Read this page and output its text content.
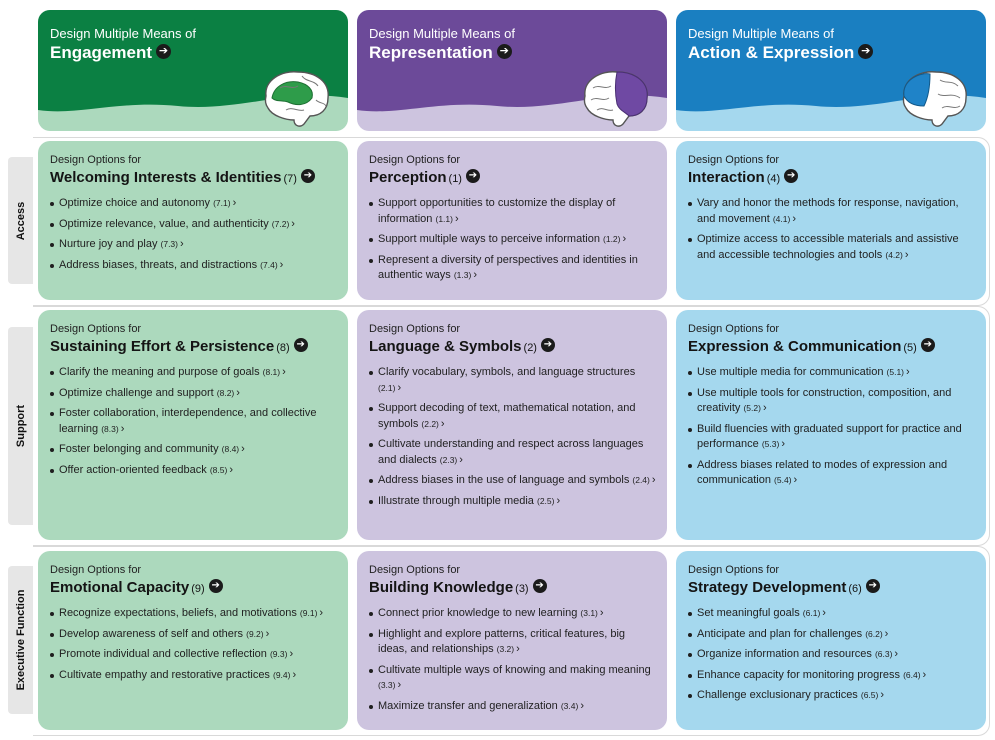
Design Multiple Means of
Engagement ➔
Design Multiple Means of
Representation ➔
Design Multiple Means of
Action & Expression ➔
Access
Support
Executive Function
Design Options for
Welcoming Interests & Identities (7) ➔
Optimize choice and autonomy (7.1) ›
Optimize relevance, value, and authenticity (7.2) ›
Nurture joy and play (7.3) ›
Address biases, threats, and distractions (7.4) ›
Design Options for
Perception (1) ➔
Support opportunities to customize the display of information (1.1) ›
Support multiple ways to perceive information (1.2) ›
Represent a diversity of perspectives and identities in authentic ways (1.3) ›
Design Options for
Interaction (4) ➔
Vary and honor the methods for response, navigation, and movement (4.1) ›
Optimize access to accessible materials and assistive and accessible technologies and tools (4.2) ›
Design Options for
Sustaining Effort & Persistence (8) ➔
Clarify the meaning and purpose of goals (8.1) ›
Optimize challenge and support (8.2) ›
Foster collaboration, interdependence, and collective learning (8.3) ›
Foster belonging and community (8.4) ›
Offer action-oriented feedback (8.5) ›
Design Options for
Language & Symbols (2) ➔
Clarify vocabulary, symbols, and language structures (2.1) ›
Support decoding of text, mathematical notation, and symbols (2.2) ›
Cultivate understanding and respect across languages and dialects (2.3) ›
Address biases in the use of language and symbols (2.4) ›
Illustrate through multiple media (2.5) ›
Design Options for
Expression & Communication (5) ➔
Use multiple media for communication (5.1) ›
Use multiple tools for construction, composition, and creativity (5.2) ›
Build fluencies with graduated support for practice and performance (5.3) ›
Address biases related to modes of expression and communication (5.4) ›
Design Options for
Emotional Capacity (9) ➔
Recognize expectations, beliefs, and motivations (9.1) ›
Develop awareness of self and others (9.2) ›
Promote individual and collective reflection (9.3) ›
Cultivate empathy and restorative practices (9.4) ›
Design Options for
Building Knowledge (3) ➔
Connect prior knowledge to new learning (3.1) ›
Highlight and explore patterns, critical features, big ideas, and relationships (3.2) ›
Cultivate multiple ways of knowing and making meaning (3.3) ›
Maximize transfer and generalization (3.4) ›
Design Options for
Strategy Development (6) ➔
Set meaningful goals (6.1) ›
Anticipate and plan for challenges (6.2) ›
Organize information and resources (6.3) ›
Enhance capacity for monitoring progress (6.4) ›
Challenge exclusionary practices (6.5) ›
